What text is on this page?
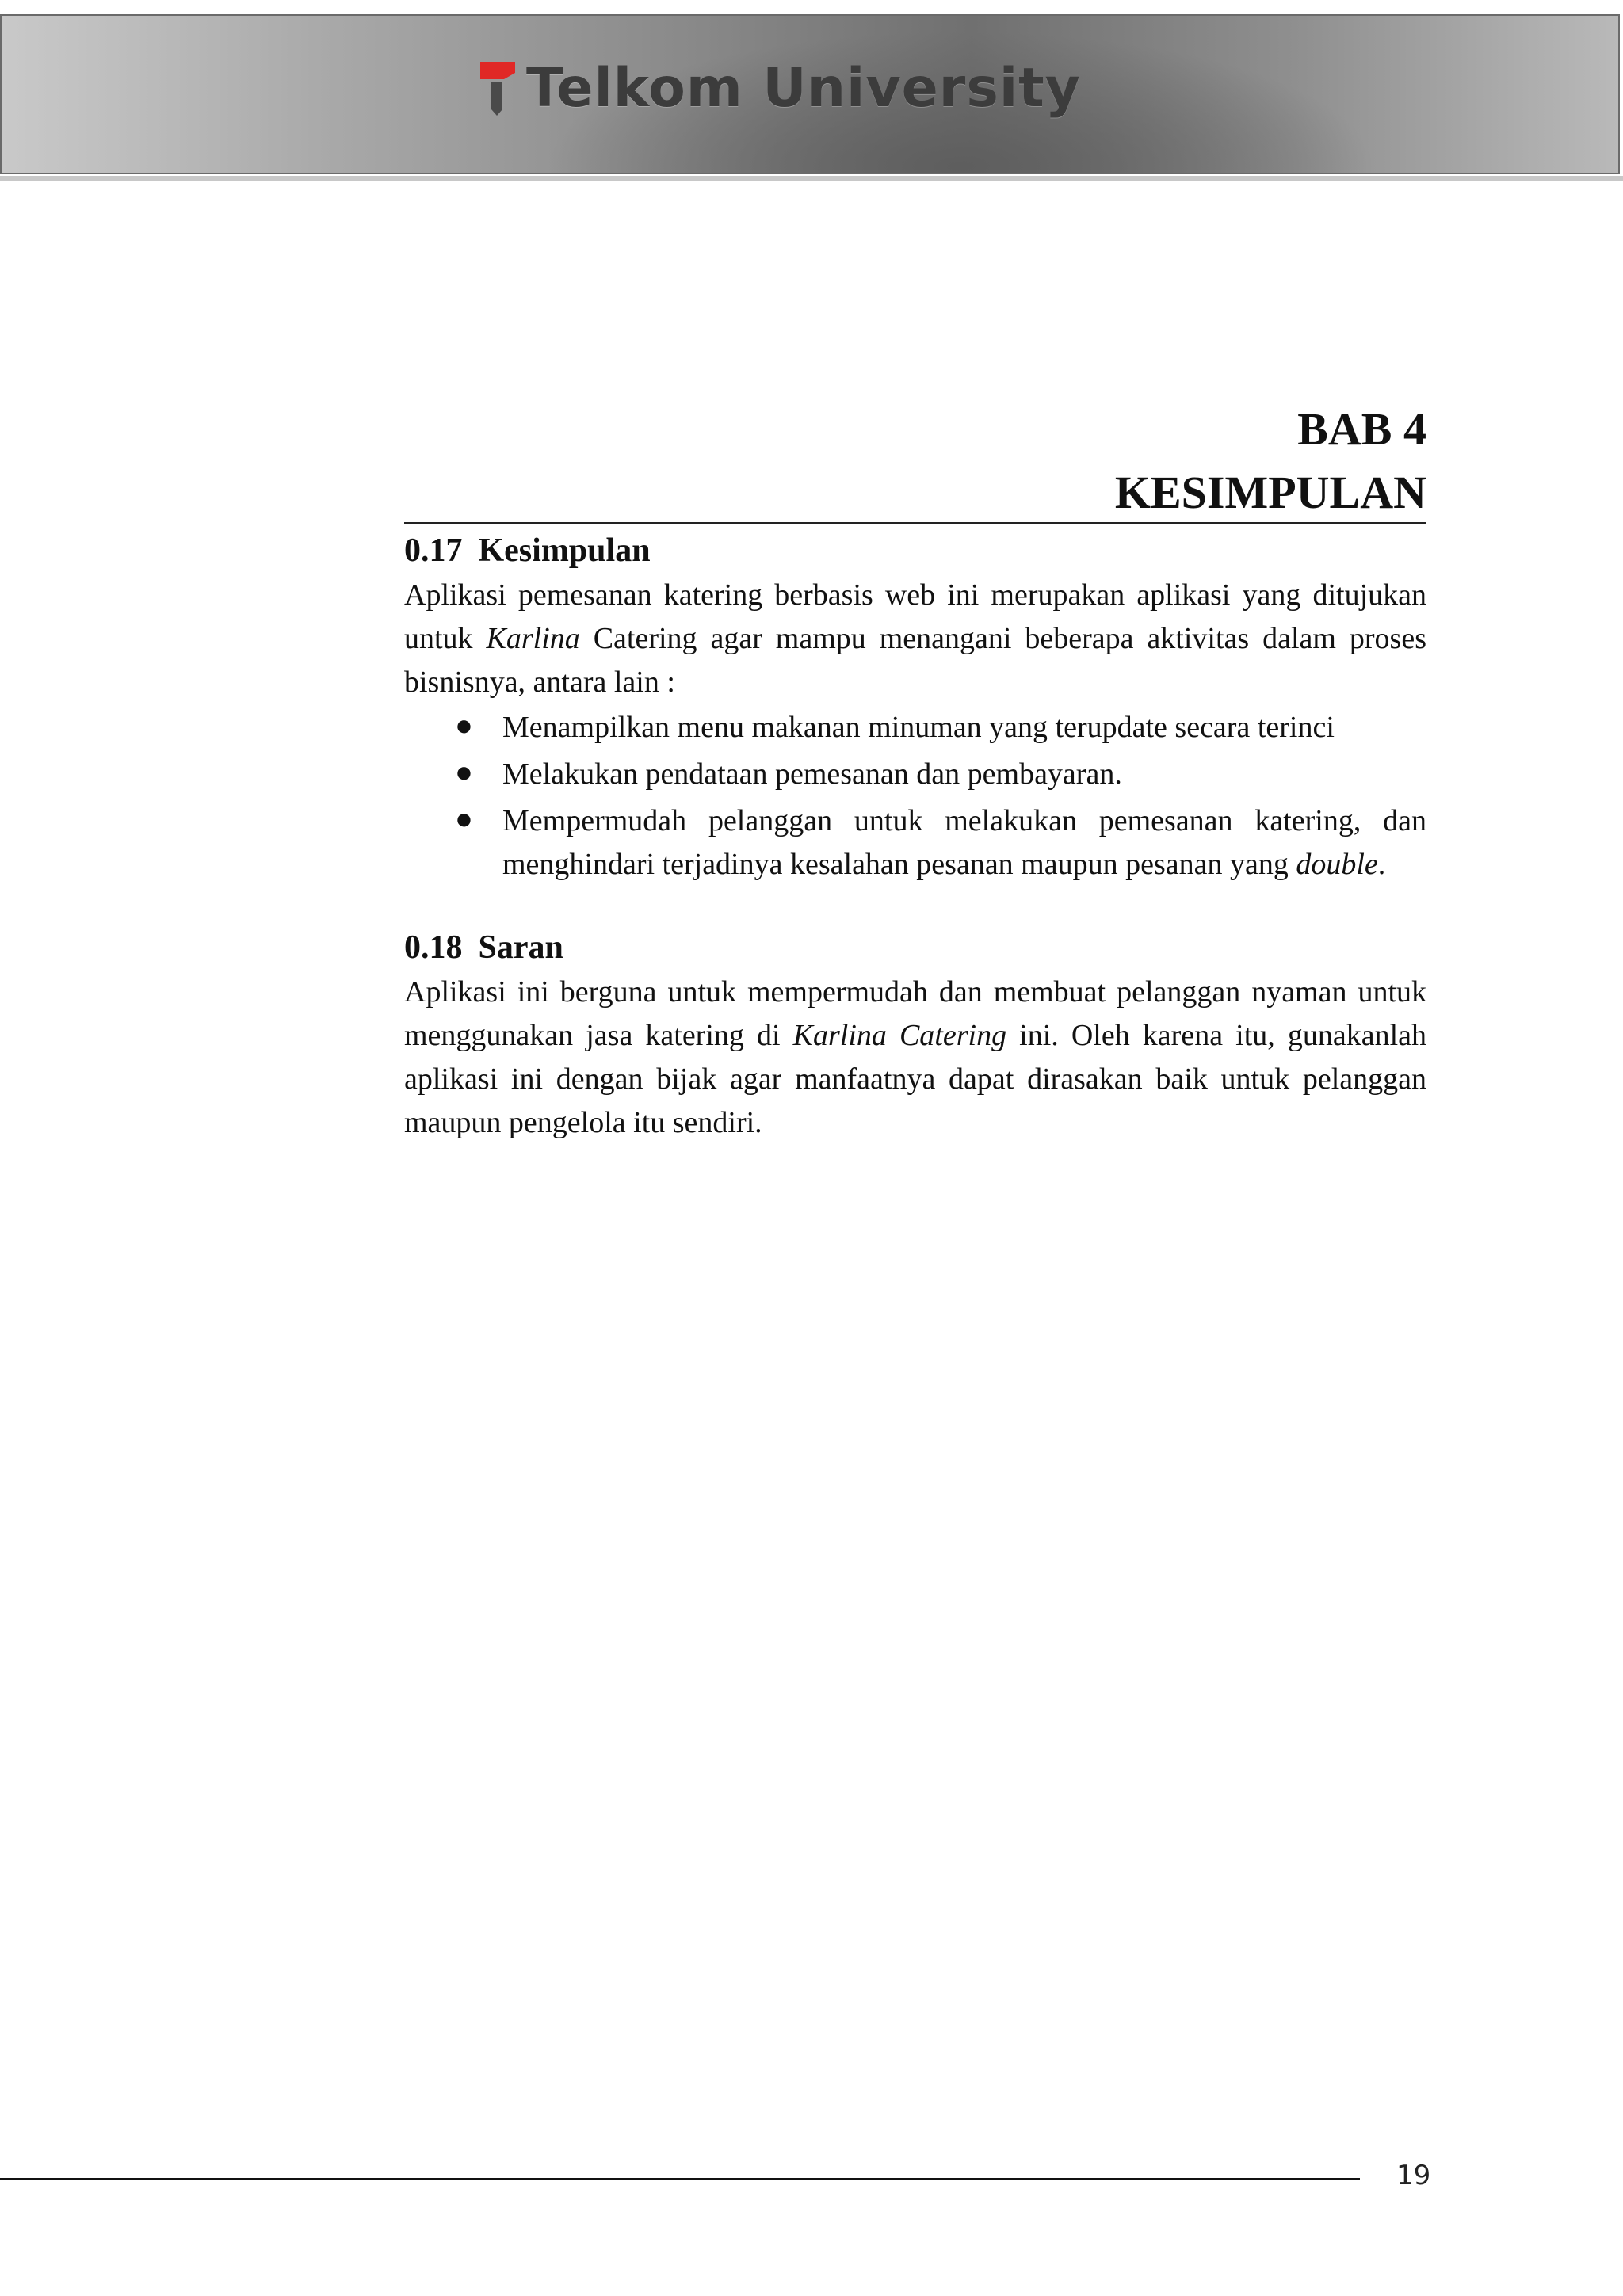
Telkom University
BAB 4
KESIMPULAN
0.17 Kesimpulan

Aplikasi pemesanan katering berbasis web ini merupakan aplikasi yang ditujukan untuk Karlina Catering agar mampu menangani beberapa aktivitas dalam proses bisnisnya, antara lain :

● Menampilkan menu makanan minuman yang terupdate secara terinci
● Melakukan pendataan pemesanan dan pembayaran.
● Mempermudah pelanggan untuk melakukan pemesanan katering, dan menghindari terjadinya kesalahan pesanan maupun pesanan yang double.
0.18 Saran

Aplikasi ini berguna untuk mempermudah dan membuat pelanggan nyaman untuk menggunakan jasa katering di Karlina Catering ini. Oleh karena itu, gunakanlah aplikasi ini dengan bijak agar manfaatnya dapat dirasakan baik untuk pelanggan maupun pengelola itu sendiri.

19
